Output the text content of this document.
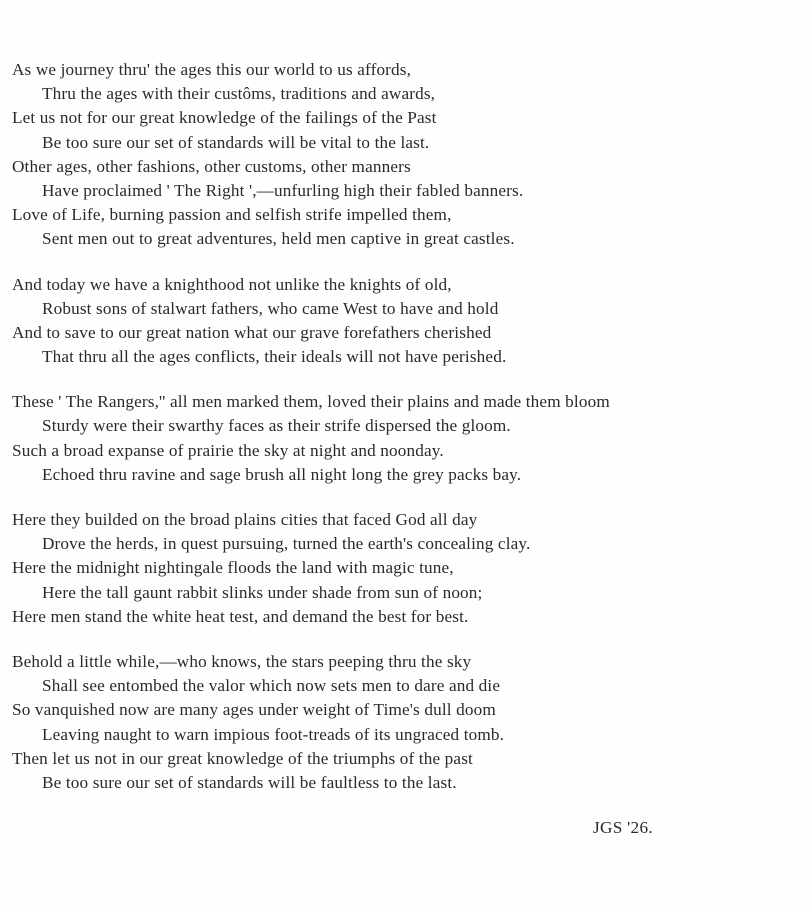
As we journey thru' the ages this our world to us affords,
Thru the ages with their custôms, traditions and awards,
Let us not for our great knowledge of the failings of the Past
Be too sure our set of standards will be vital to the last.
Other ages, other fashions, other customs, other manners
Have proclaimed ' The Right ',—unfurling high their fabled banners.
Love of Life, burning passion and selfish strife impelled them,
Sent men out to great adventures, held men captive in great castles.
And today we have a knighthood not unlike the knights of old,
Robust sons of stalwart fathers, who came West to have and hold
And to save to our great nation what our grave forefathers cherished
That thru all the ages conflicts, their ideals will not have perished.
These ' The Rangers,'' all men marked them, loved their plains and made them bloom
Sturdy were their swarthy faces as their strife dispersed the gloom.
Such a broad expanse of prairie the sky at night and noonday.
Echoed thru ravine and sage brush all night long the grey packs bay.
Here they builded on the broad plains cities that faced God all day
Drove the herds, in quest pursuing, turned the earth's concealing clay.
Here the midnight nightingale floods the land with magic tune,
Here the tall gaunt rabbit slinks under shade from sun of noon;
Here men stand the white heat test, and demand the best for best.
Behold a little while,—who knows, the stars peeping thru the sky
Shall see entombed the valor which now sets men to dare and die
So vanquished now are many ages under weight of Time's dull doom
Leaving naught to warn impious foot-treads of its ungraced tomb.
Then let us not in our great knowledge of the triumphs of the past
Be too sure our set of standards will be faultless to the last.
JGS '26.
